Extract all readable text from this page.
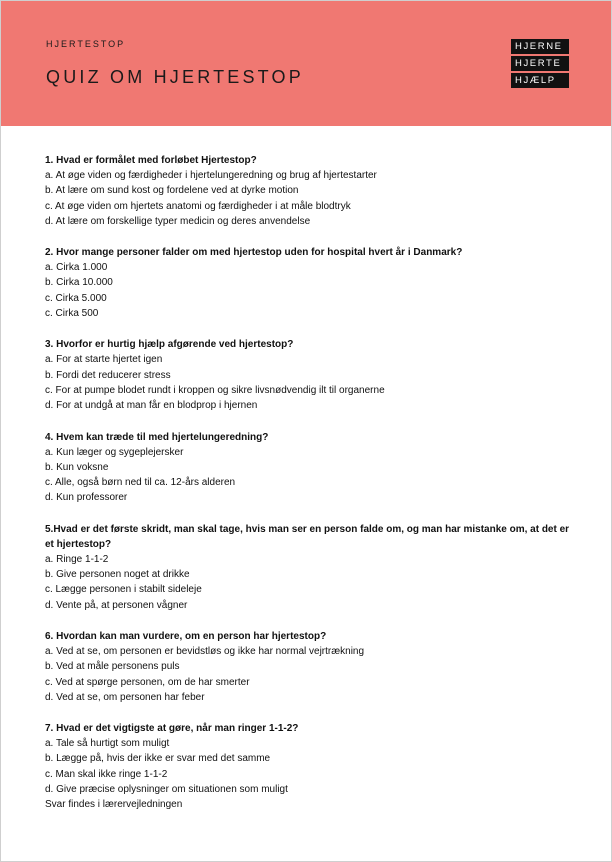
HJERTESTOP

QUIZ OM HJERTESTOP
HJERNE
HJERTE
HJÆLP

1. Hvad er formålet med forløbet Hjertestop?

a. At øge viden og færdigheder i hjertelungeredning og brug af hjertestarter

b. At lære om sund kost og fordelene ved at dyrke motion

c. At øge viden om hjertets anatomi og færdigheder i at måle blodtryk

d. At lære om forskellige typer medicin og deres anvendelse

2. Hvor mange personer falder om med hjertestop uden for hospital hvert år i Danmark?

a. Cirka 1.000

b. Cirka 10.000

c. Cirka 5.000

c. Cirka 500

3. Hvorfor er hurtig hjælp afgørende ved hjertestop?

a. For at starte hjertet igen

b. Fordi det reducerer stress

c. For at pumpe blodet rundt i kroppen og sikre livsnødvendig ilt til organerne

d. For at undgå at man får en blodprop i hjernen

4. Hvem kan træde til med hjertelungeredning?

a. Kun læger og sygeplejersker

b. Kun voksne

c. Alle, også børn ned til ca. 12-års alderen

d. Kun professorer

5.Hvad er det første skridt, man skal tage, hvis man ser en person falde om, og man har mistanke om, at det er et hjertestop?

a. Ringe 1-1-2

b. Give personen noget at drikke

c. Lægge personen i stabilt sideleje

d. Vente på, at personen vågner

6. Hvordan kan man vurdere, om en person har hjertestop?

a. Ved at se, om personen er bevidstløs og ikke har normal vejrtrækning

b. Ved at måle personens puls

c. Ved at spørge personen, om de har smerter

d. Ved at se, om personen har feber

7. Hvad er det vigtigste at gøre, når man ringer 1-1-2?

a. Tale så hurtigt som muligt

b. Lægge på, hvis der ikke er svar med det samme

c. Man skal ikke ringe 1-1-2

d. Give præcise oplysninger om situationen som muligt

Svar findes i lærervejledningen
